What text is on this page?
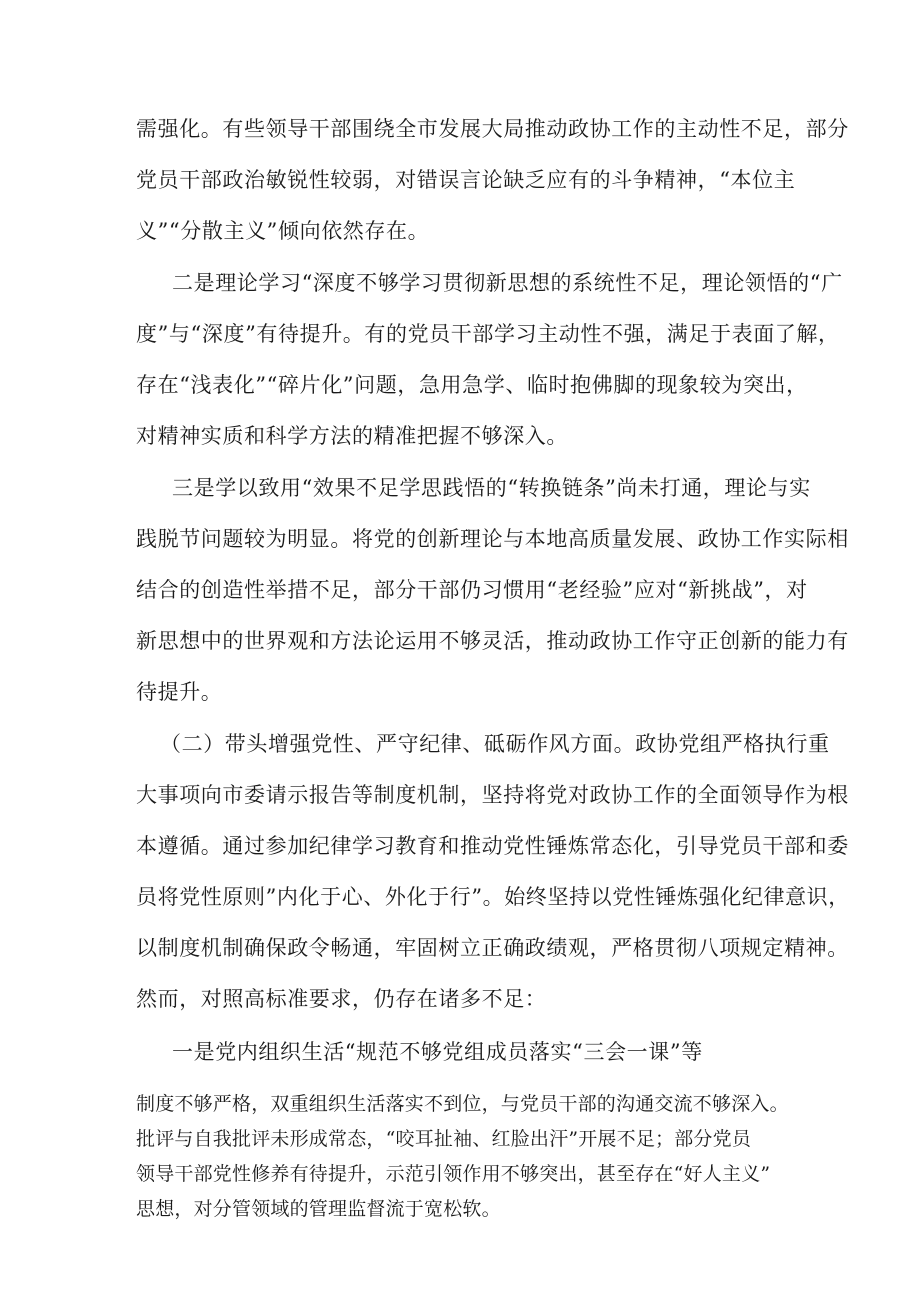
需强化。有些领导干部围绕全市发展大局推动政协工作的主动性不足，部分
党员干部政治敏锐性较弱，对错误言论缺乏应有的斗争精神，“本位主
义”“分散主义”倾向依然存在。
二是理论学习“深度不够学习贯彻新思想的系统性不足，理论领悟的“广
度”与“深度”有待提升。有的党员干部学习主动性不强，满足于表面了解，
存在“浅表化”“碎片化”问题，急用急学、临时抱佛脚的现象较为突出，
对精神实质和科学方法的精准把握不够深入。
三是学以致用“效果不足学思践悟的“转换链条”尚未打通，理论与实
践脱节问题较为明显。将党的创新理论与本地高质量发展、政协工作实际相
结合的创造性举措不足，部分干部仍习惯用“老经验”应对“新挑战”，对
新思想中的世界观和方法论运用不够灵活，推动政协工作守正创新的能力有
待提升。
（二）带头增强党性、严守纪律、砥砺作风方面。政协党组严格执行重
大事项向市委请示报告等制度机制，坚持将党对政协工作的全面领导作为根
本遵循。通过参加纪律学习教育和推动党性锤炼常态化，引导党员干部和委
员将党性原则”内化于心、外化于行”。始终坚持以党性锤炼强化纪律意识，
以制度机制确保政令畅通，牢固树立正确政绩观，严格贯彻八项规定精神。
然而，对照高标准要求，仍存在诸多不足：
一是党内组织生活“规范不够党组成员落实“三会一课”等
制度不够严格，双重组织生活落实不到位，与党员干部的沟通交流不够深入。
批评与自我批评未形成常态，“咬耳扯袖、红脸出汗”开展不足；部分党员
领导干部党性修养有待提升，示范引领作用不够突出，甚至存在“好人主义”
思想，对分管领域的管理监督流于宽松软。
